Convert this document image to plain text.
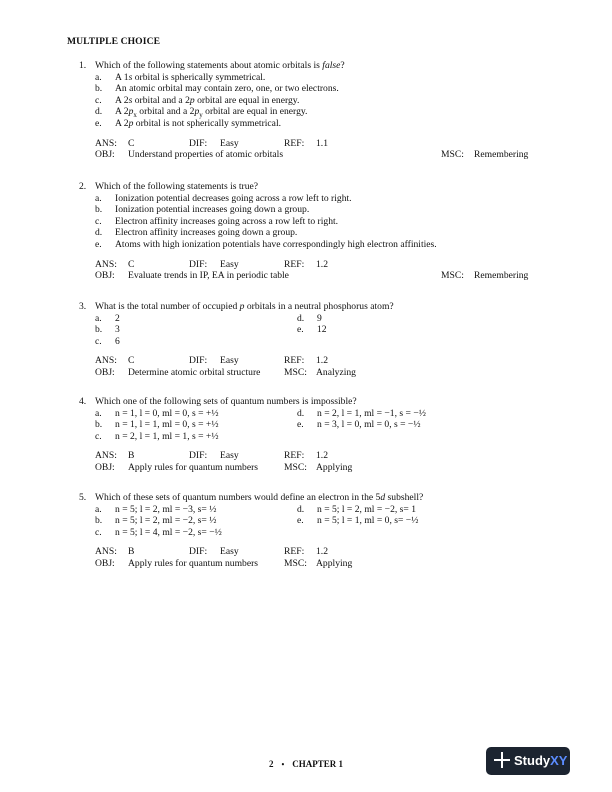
MULTIPLE CHOICE
1. Which of the following statements about atomic orbitals is false?
a. A 1s orbital is spherically symmetrical.
b. An atomic orbital may contain zero, one, or two electrons.
c. A 2s orbital and a 2p orbital are equal in energy.
d. A $2p_x$ orbital and a $2p_y$ orbital are equal in energy.
e. A 2p orbital is not spherically symmetrical.
ANS: C	DIF: Easy	REF: 1.1
OBJ: Understand properties of atomic orbitals	MSC: Remembering
2. Which of the following statements is true?
a. Ionization potential decreases going across a row left to right.
b. Ionization potential increases going down a group.
c. Electron affinity increases going across a row left to right.
d. Electron affinity increases going down a group.
e. Atoms with high ionization potentials have correspondingly high electron affinities.
ANS: C	DIF: Easy	REF: 1.2
OBJ: Evaluate trends in IP, EA in periodic table	MSC: Remembering
3. What is the total number of occupied p orbitals in a neutral phosphorus atom?
a. 2	d. 9
b. 3	e. 12
c. 6
ANS: C	DIF: Easy	REF: 1.2
OBJ: Determine atomic orbital structure MSC: Analyzing
4. Which one of the following sets of quantum numbers is impossible?
a. n = 1, l = 0, ml = 0, s = +½	d. n = 2, l = 1, ml = −1, s = −½
b. n = 1, l = 1, ml = 0, s = +½	e. n = 3, l = 0, ml = 0, s = −½
c. n = 2, l = 1, ml = 1, s = +½
ANS: B	DIF: Easy	REF: 1.2
OBJ: Apply rules for quantum numbers	MSC: Applying
5. Which of these sets of quantum numbers would define an electron in the 5d subshell?
a. n = 5; l = 2, ml = −3, s= ½	d. n = 5; l = 2, ml = −2, s= 1
b. n = 5; l = 2, ml = −2, s= ½	e. n = 5; l = 1, ml = 0, s= −½
c. n = 5; l = 4, ml = −2, s= −½
ANS: B	DIF: Easy	REF: 1.2
OBJ: Apply rules for quantum numbers	MSC: Applying
2 • CHAPTER 1	StudyXY
